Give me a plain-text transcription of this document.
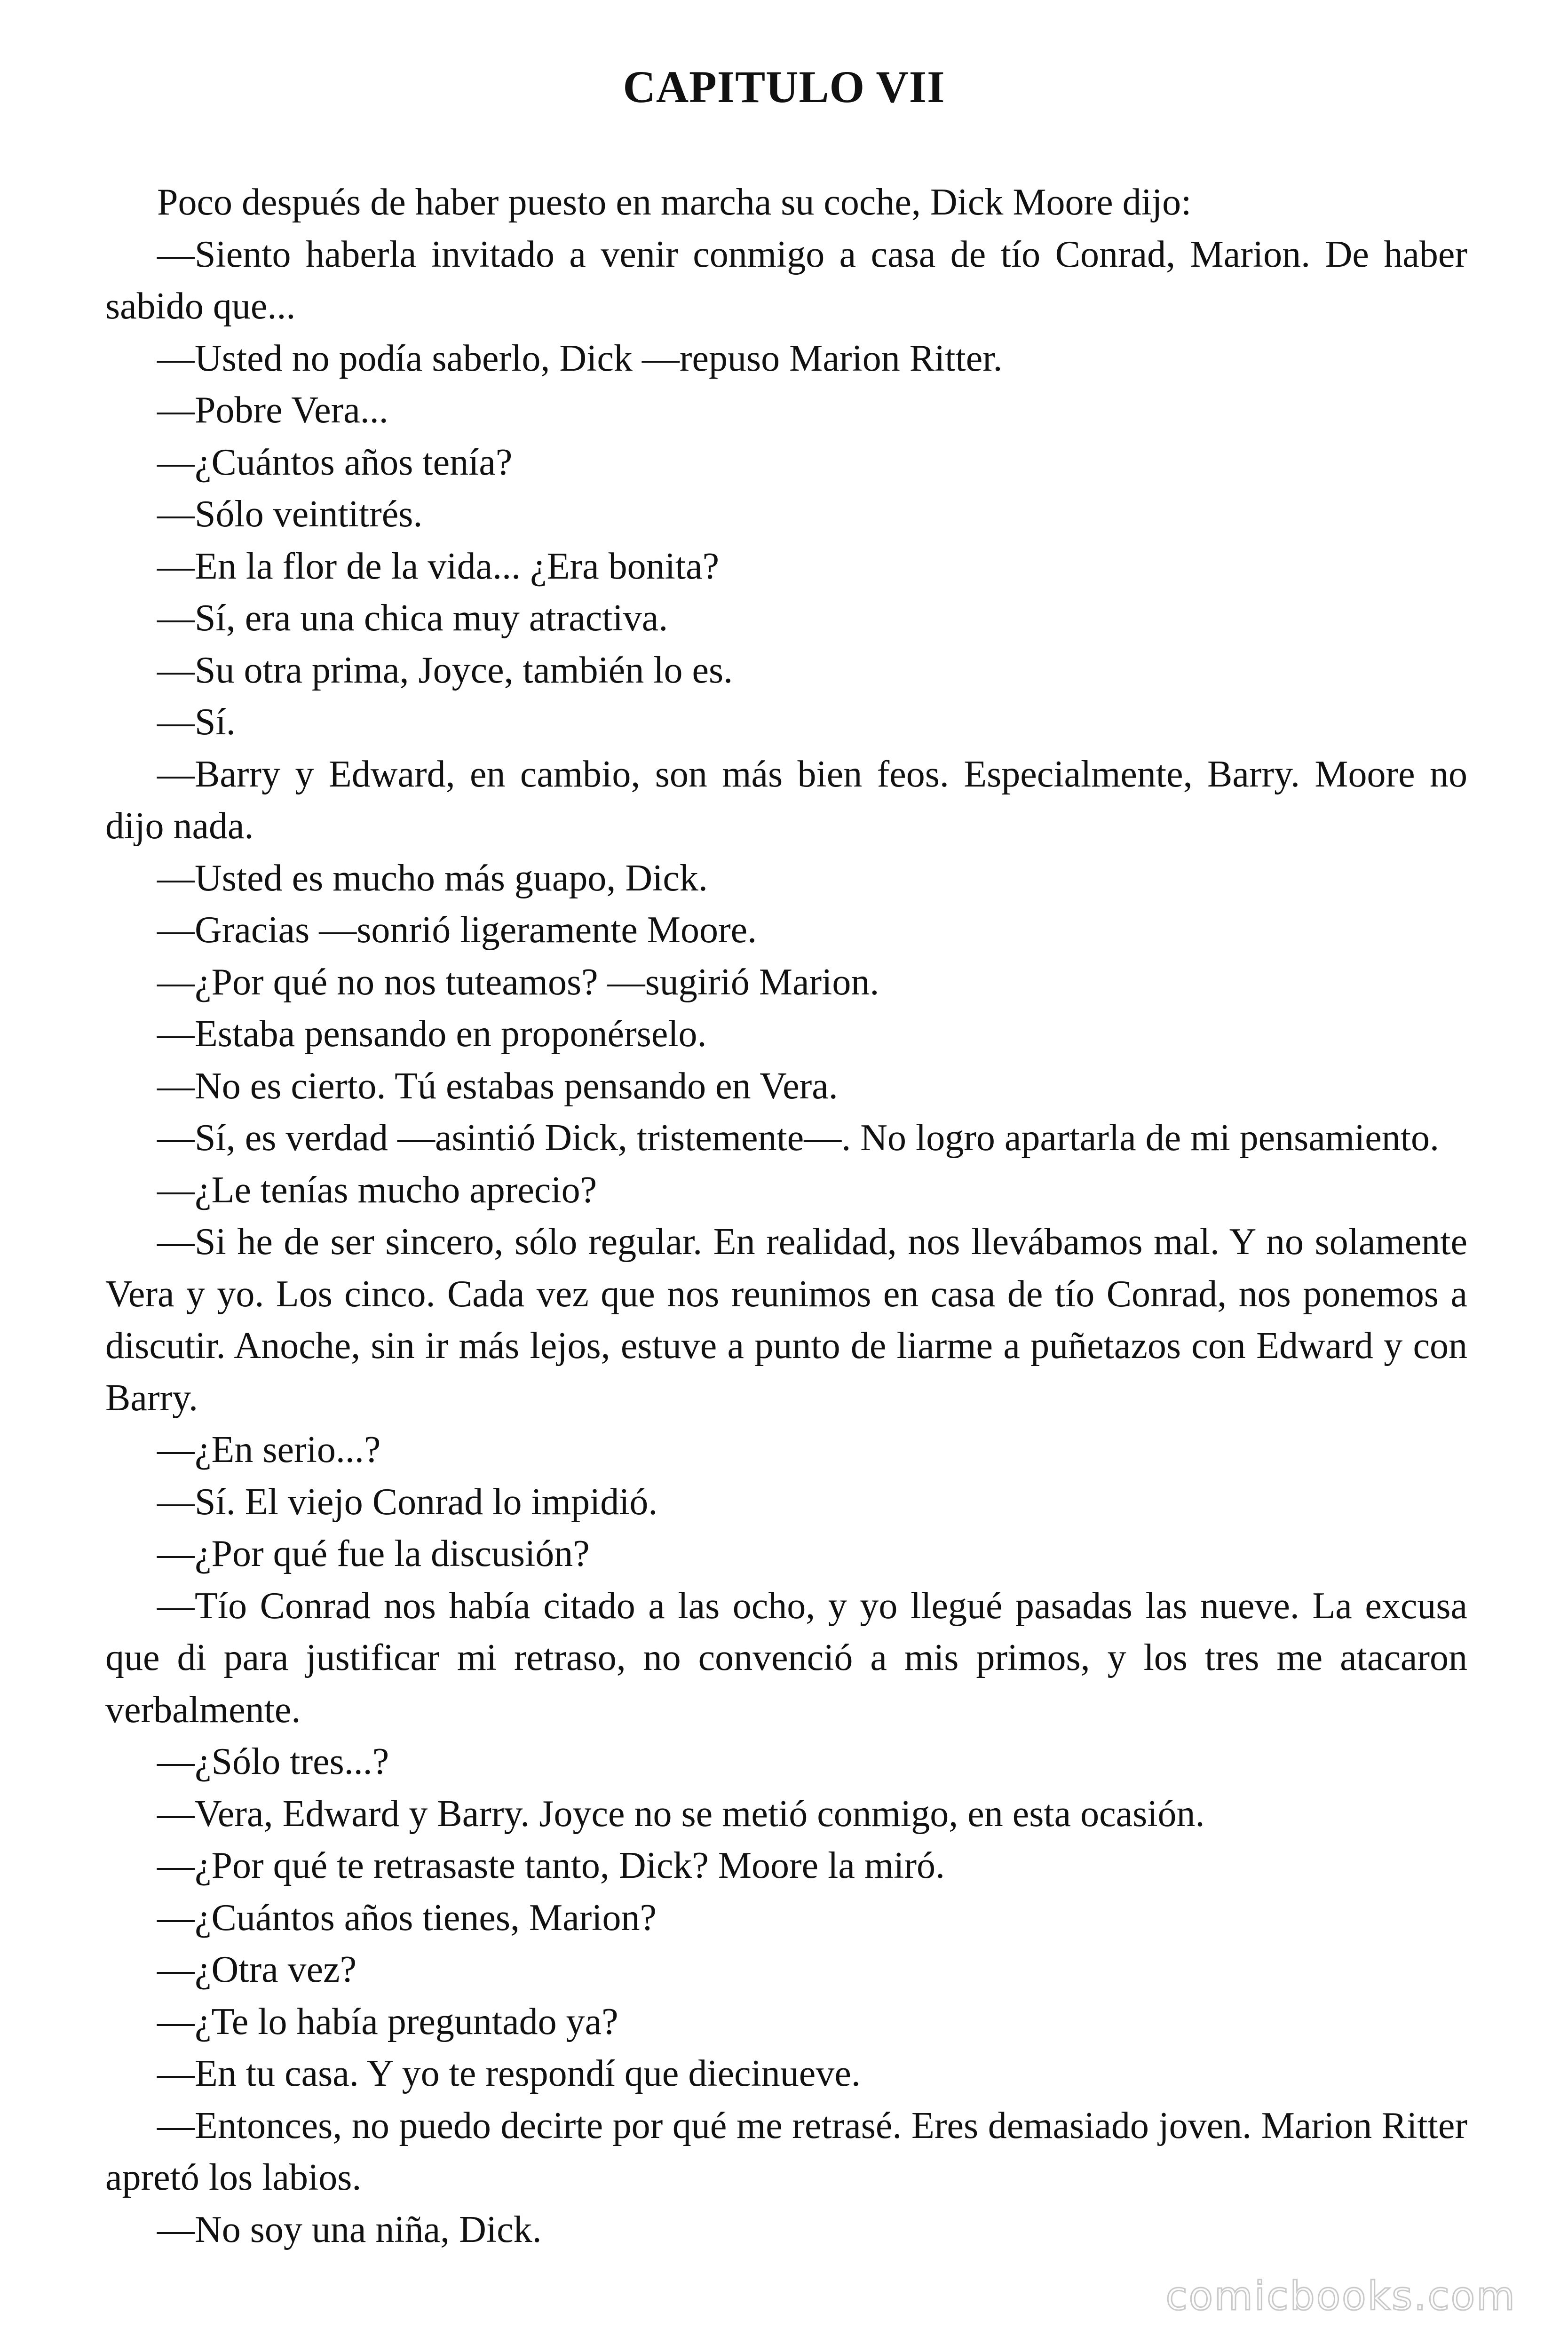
CAPITULO VII

Poco después de haber puesto en marcha su coche, Dick Moore dijo:

—Siento haberla invitado a venir conmigo a casa de tío Conrad, Marion. De haber sabido que...

—Usted no podía saberlo, Dick —repuso Marion Ritter.

—Pobre Vera...

—¿Cuántos años tenía?

—Sólo veintitrés.

—En la flor de la vida... ¿Era bonita?

—Sí, era una chica muy atractiva.

—Su otra prima, Joyce, también lo es.

—Sí.

—Barry y Edward, en cambio, son más bien feos. Especialmente, Barry. Moore no dijo nada.

—Usted es mucho más guapo, Dick.

—Gracias —sonrió ligeramente Moore.

—¿Por qué no nos tuteamos? —sugirió Marion.

—Estaba pensando en proponérselo.

—No es cierto. Tú estabas pensando en Vera.

—Sí, es verdad —asintió Dick, tristemente—. No logro apartarla de mi pensamiento.

—¿Le tenías mucho aprecio?

—Si he de ser sincero, sólo regular. En realidad, nos llevábamos mal. Y no solamente Vera y yo. Los cinco. Cada vez que nos reunimos en casa de tío Conrad, nos ponemos a discutir. Anoche, sin ir más lejos, estuve a punto de liarme a puñetazos con Edward y con Barry.

—¿En serio...?

—Sí. El viejo Conrad lo impidió.

—¿Por qué fue la discusión?

—Tío Conrad nos había citado a las ocho, y yo llegué pasadas las nueve. La excusa que di para justificar mi retraso, no convenció a mis primos, y los tres me atacaron verbalmente.

—¿Sólo tres...?

—Vera, Edward y Barry. Joyce no se metió conmigo, en esta ocasión.

—¿Por qué te retrasaste tanto, Dick? Moore la miró.

—¿Cuántos años tienes, Marion?

—¿Otra vez?

—¿Te lo había preguntado ya?

—En tu casa. Y yo te respondí que diecinueve.

—Entonces, no puedo decirte por qué me retrasé. Eres demasiado joven. Marion Ritter apretó los labios.

—No soy una niña, Dick.

comicbooks.com
